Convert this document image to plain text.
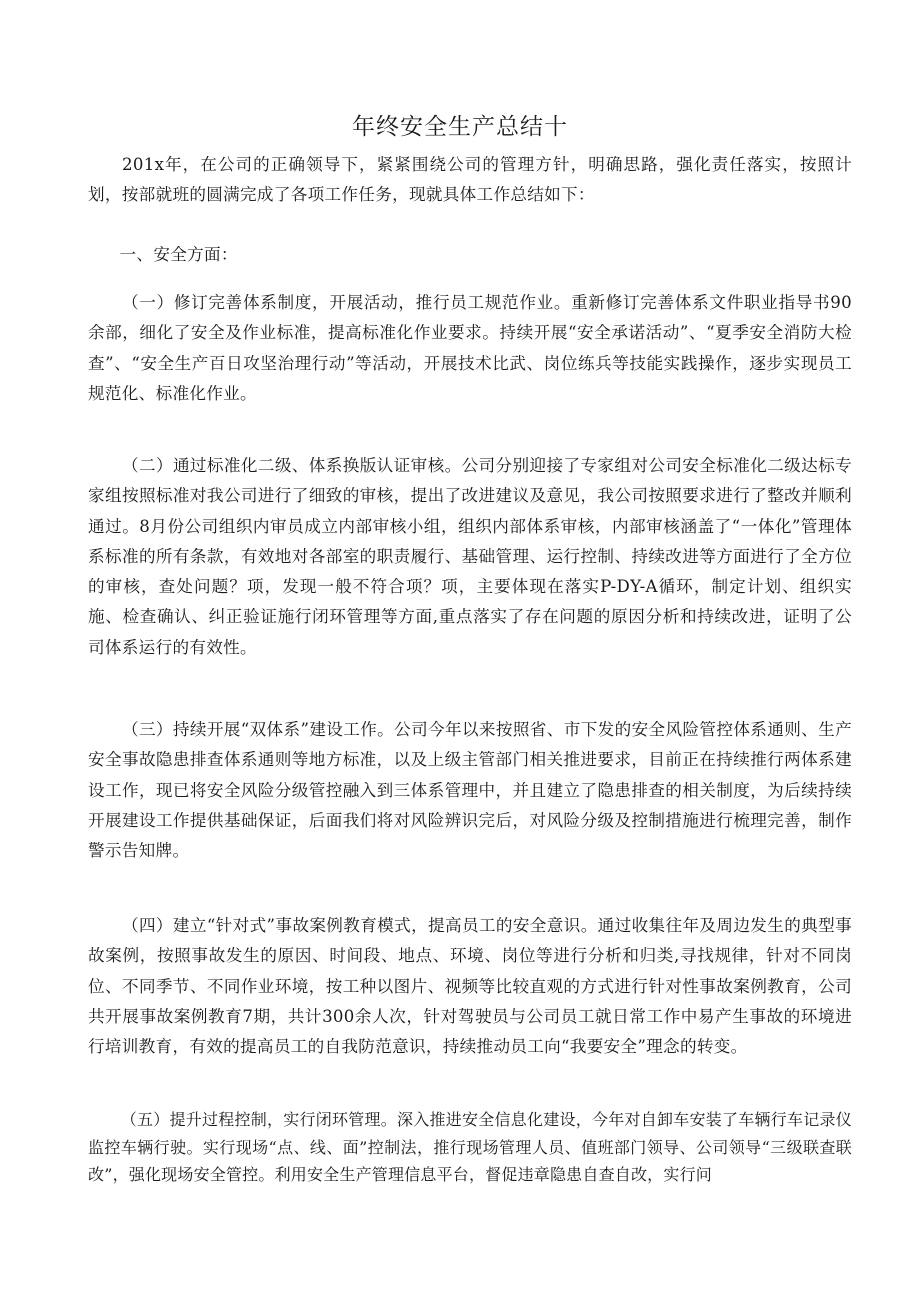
年终安全生产总结十

201x年，在公司的正确领导下，紧紧围绕公司的管理方针，明确思路，强化责任落实，按照计划，按部就班的圆满完成了各项工作任务，现就具体工作总结如下：

一、安全方面：

（一）修订完善体系制度，开展活动，推行员工规范作业。重新修订完善体系文件职业指导书90余部，细化了安全及作业标准，提高标准化作业要求。持续开展“安全承诺活动”、“夏季安全消防大检查”、“安全生产百日攻坚治理行动”等活动，开展技术比武、岗位练兵等技能实践操作，逐步实现员工规范化、标准化作业。

（二）通过标准化二级、体系换版认证审核。公司分别迎接了专家组对公司安全标准化二级达标专家组按照标准对我公司进行了细致的审核，提出了改进建议及意见，我公司按照要求进行了整改并顺利通过。8月份公司组织内审员成立内部审核小组，组织内部体系审核，内部审核涵盖了“一体化”管理体系标准的所有条款，有效地对各部室的职责履行、基础管理、运行控制、持续改进等方面进行了全方位的审核，查处问题？项，发现一般不符合项？项，主要体现在落实P-DY-A循环，制定计划、组织实施、检查确认、纠正验证施行闭环管理等方面,重点落实了存在问题的原因分析和持续改进，证明了公司体系运行的有效性。

（三）持续开展“双体系”建设工作。公司今年以来按照省、市下发的安全风险管控体系通则、生产安全事故隐患排查体系通则等地方标准，以及上级主管部门相关推进要求，目前正在持续推行两体系建设工作，现已将安全风险分级管控融入到三体系管理中，并且建立了隐患排查的相关制度，为后续持续开展建设工作提供基础保证，后面我们将对风险辨识完后，对风险分级及控制措施进行梳理完善，制作警示告知牌。

（四）建立“针对式”事故案例教育模式，提高员工的安全意识。通过收集往年及周边发生的典型事故案例，按照事故发生的原因、时间段、地点、环境、岗位等进行分析和归类,寻找规律，针对不同岗位、不同季节、不同作业环境，按工种以图片、视频等比较直观的方式进行针对性事故案例教育，公司共开展事故案例教育7期，共计300余人次，针对驾驶员与公司员工就日常工作中易产生事故的环境进行培训教育，有效的提高员工的自我防范意识，持续推动员工向“我要安全”理念的转变。

（五）提升过程控制，实行闭环管理。深入推进安全信息化建设，今年对自卸车安装了车辆行车记录仪监控车辆行驶。实行现场“点、线、面”控制法，推行现场管理人员、值班部门领导、公司领导“三级联查联改”，强化现场安全管控。利用安全生产管理信息平台，督促违章隐患自查自改，实行问
